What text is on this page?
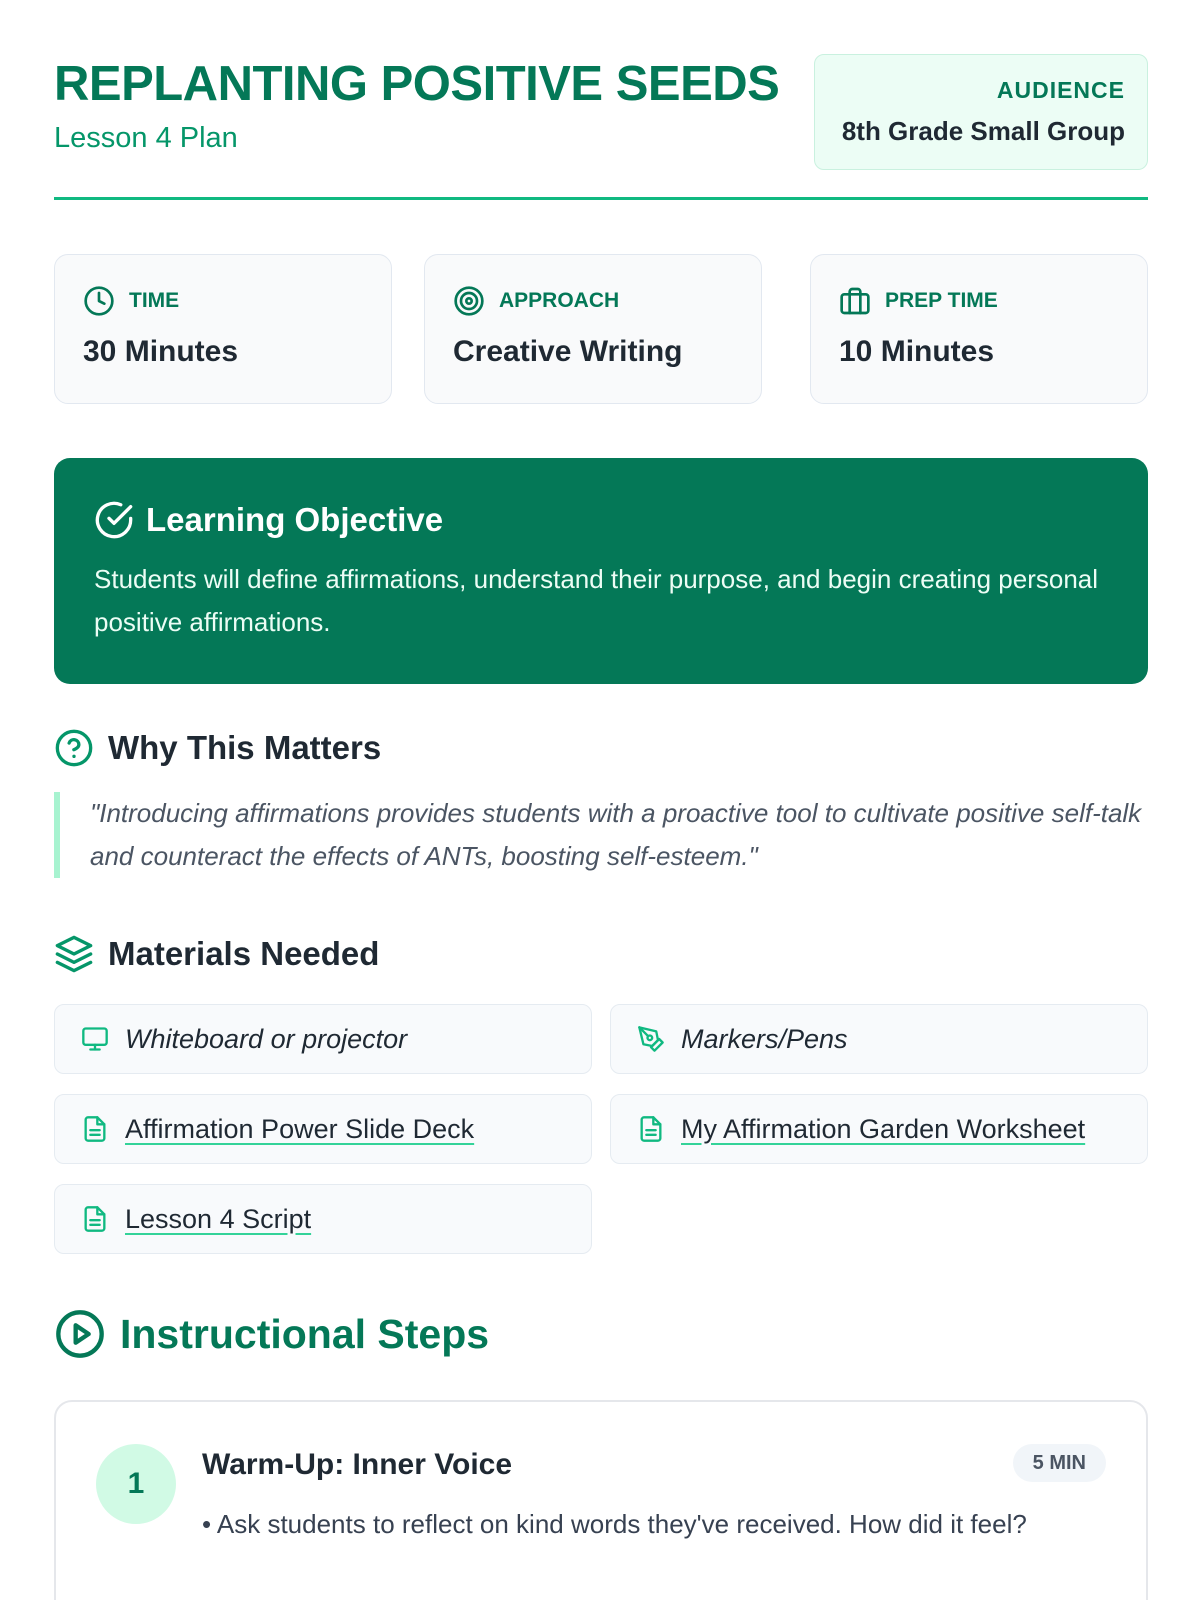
REPLANTING POSITIVE SEEDS
Lesson 4 Plan
AUDIENCE
8th Grade Small Group
TIME
30 Minutes
APPROACH
Creative Writing
PREP TIME
10 Minutes
Learning Objective
Students will define affirmations, understand their purpose, and begin creating personal positive affirmations.
Why This Matters
"Introducing affirmations provides students with a proactive tool to cultivate positive self-talk and counteract the effects of ANTs, boosting self-esteem."
Materials Needed
Whiteboard or projector	Markers/Pens
Affirmation Power Slide Deck	My Affirmation Garden Worksheet
Lesson 4 Script
Instructional Steps
1
Warm-Up: Inner Voice	5 MIN
• Ask students to reflect on kind words they've received. How did it feel?
